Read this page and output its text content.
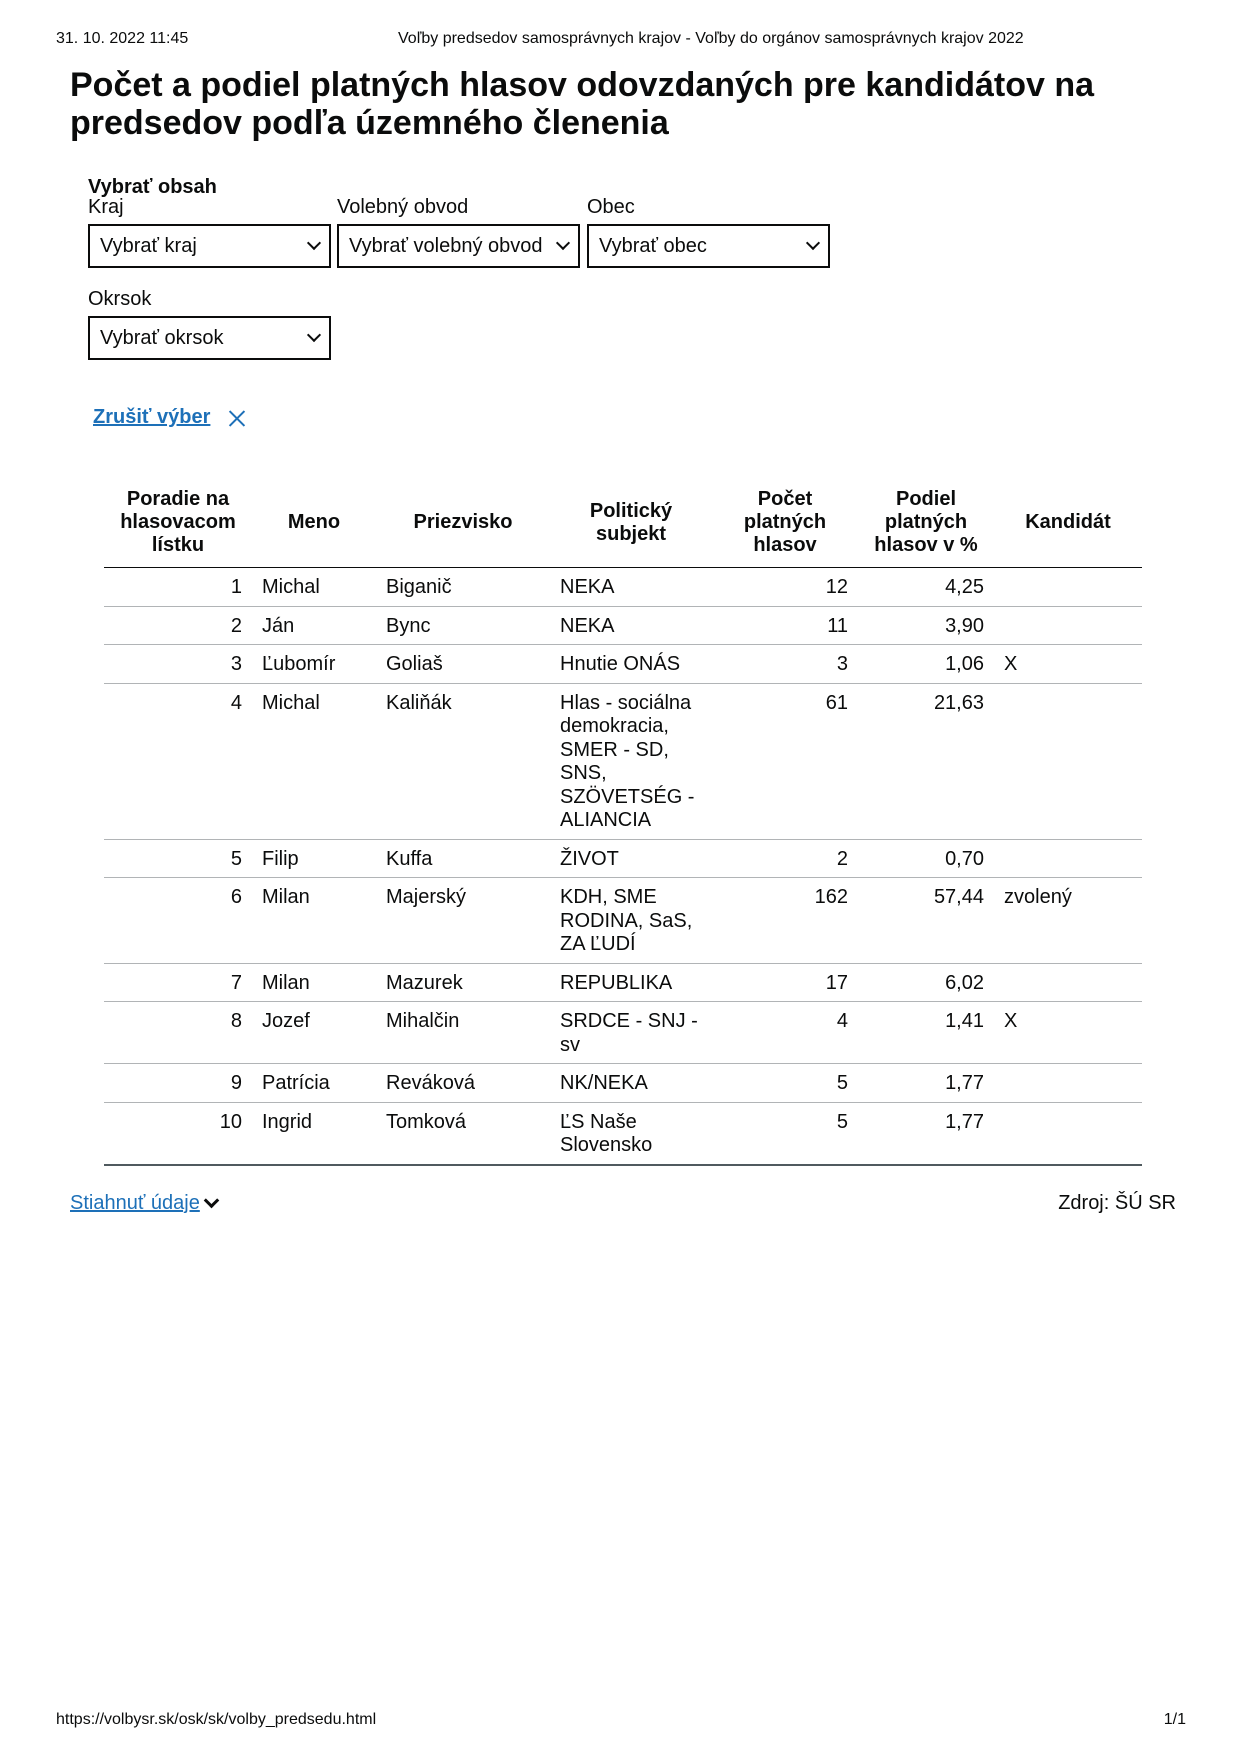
31. 10. 2022 11:45	Voľby predsedov samosprávnych krajov - Voľby do orgánov samosprávnych krajov 2022
Počet a podiel platných hlasov odovzdaných pre kandidátov na predsedov podľa územného členenia
Vybrať obsah
Kraj
Vybrať kraj
Volebný obvod
Vybrať volebný obvod
Obec
Vybrať obec
Okrsok
Vybrať okrsok
Zrušiť výber
Poradie na hlasovacom lístku	Meno	Priezvisko	Politický subjekt	Počet platných hlasov	Podiel platných hlasov v %	Kandidát
1	Michal	Biganič	NEKA	12	4,25	
2	Ján	Bync	NEKA	11	3,90	
3	Ľubomír	Goliaš	Hnutie ONÁS	3	1,06	X
4	Michal	Kaliňák	Hlas - sociálna demokracia, SMER - SD, SNS, SZÖVETSÉG - ALIANCIA	61	21,63	
5	Filip	Kuffa	ŽIVOT	2	0,70	
6	Milan	Majerský	KDH, SME RODINA, SaS, ZA ĽUDÍ	162	57,44	zvolený
7	Milan	Mazurek	REPUBLIKA	17	6,02	
8	Jozef	Mihalčin	SRDCE - SNJ - sv	4	1,41	X
9	Patrícia	Reváková	NK/NEKA	5	1,77	
10	Ingrid	Tomková	ĽS Naše Slovensko	5	1,77	
Stiahnuť údaje	Zdroj: ŠÚ SR
https://volbysr.sk/osk/sk/volby_predsedu.html	1/1
